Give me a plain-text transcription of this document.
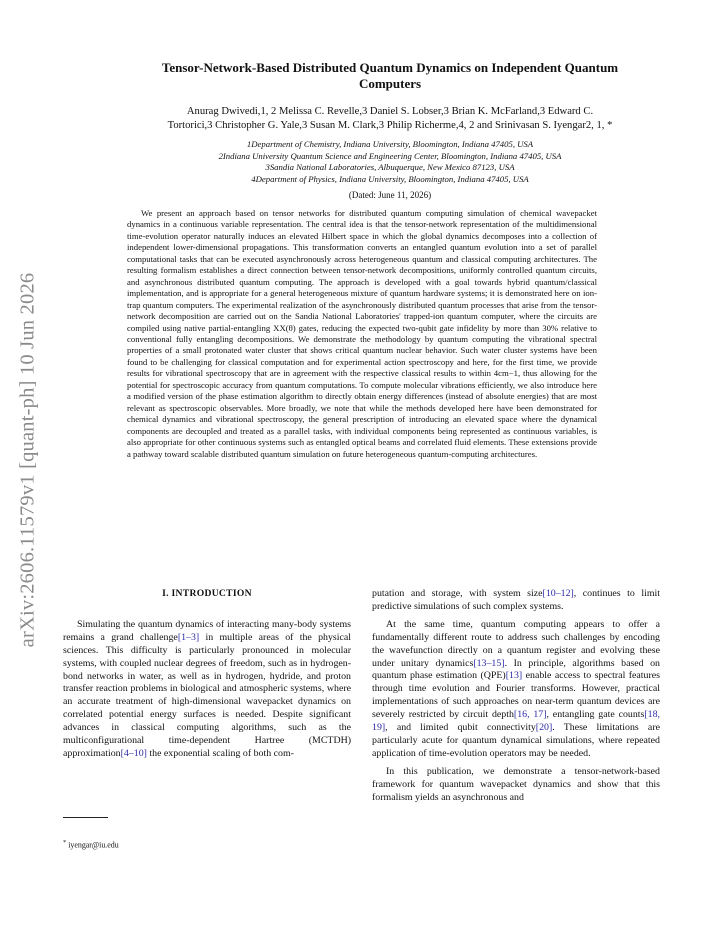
arXiv:2606.11579v1 [quant-ph] 10 Jun 2026
Tensor-Network-Based Distributed Quantum Dynamics on Independent Quantum
Computers
Anurag Dwivedi,1, 2 Melissa C. Revelle,3 Daniel S. Lobser,3 Brian K. McFarland,3 Edward C.
Tortorici,3 Christopher G. Yale,3 Susan M. Clark,3 Philip Richerme,4, 2 and Srinivasan S. Iyengar2, 1, *
1Department of Chemistry, Indiana University, Bloomington, Indiana 47405, USA
2Indiana University Quantum Science and Engineering Center, Bloomington, Indiana 47405, USA
3Sandia National Laboratories, Albuquerque, New Mexico 87123, USA
4Department of Physics, Indiana University, Bloomington, Indiana 47405, USA
(Dated: June 11, 2026)

We present an approach based on tensor networks for distributed quantum computing simulation of chemical wavepacket dynamics in a continuous variable representation. The central idea is that the tensor-network representation of the multidimensional time-evolution operator naturally induces an elevated Hilbert space in which the global dynamics decomposes into a collection of independent lower-dimensional propagations. This transformation converts an entangled quantum evolution into a set of parallel computational tasks that can be executed asynchronously across heterogeneous quantum and classical computing architectures. The resulting formalism establishes a direct connection between tensor-network decompositions, uniformly controlled quantum circuits, and asynchronous distributed quantum computing. The approach is developed with a goal towards hybrid quantum/classical implementation, and is appropriate for a general heterogeneous mixture of quantum hardware systems; it is demonstrated here on ion-trap quantum computers. The experimental realization of the asynchronously distributed quantum processes that arise from the tensor-network decomposition are carried out on the Sandia National Laboratories' trapped-ion quantum computer, where the circuits are compiled using native partial-entangling XX(θ) gates, reducing the expected two-qubit gate infidelity by more than 30% relative to conventional fully entangling decompositions. We demonstrate the methodology by quantum computing the vibrational spectral properties of a small protonated water cluster that shows critical quantum nuclear behavior. Such water cluster systems have been found to be challenging for classical computation and for experimental action spectroscopy and here, for the first time, we provide results for vibrational spectroscopy that are in agreement with the respective classical results to within 4cm−1, thus allowing for the potential for spectroscopic accuracy from quantum computations. To compute molecular vibrations efficiently, we also introduce here a modified version of the phase estimation algorithm to directly obtain energy differences (instead of absolute energies) that are most relevant as spectroscopic observables. More broadly, we note that while the methods developed here have been demonstrated for chemical dynamics and vibrational spectroscopy, the general prescription of introducing an elevated space where the dynamical components are decoupled and treated as a parallel tasks, with individual components being represented as continuous variables, is also appropriate for other continuous systems such as entangled optical beams and correlated fluid elements. These extensions provide a pathway toward scalable distributed quantum simulation on future heterogeneous quantum-computing architectures.

I. INTRODUCTION

Simulating the quantum dynamics of interacting many-body systems remains a grand challenge[1–3] in multiple areas of the physical sciences. This difficulty is particularly pronounced in molecular systems, with coupled nuclear degrees of freedom, such as in hydrogen-bond networks in water, as well as in hydrogen, hydride, and proton transfer reaction problems in biological and atmospheric systems, where an accurate treatment of high-dimensional wavepacket dynamics on correlated potential energy surfaces is needed. Despite significant advances in classical computing algorithms, such as the multiconfigurational time-dependent Hartree (MCTDH) approximation[4–10] the exponential scaling of both com-

putation and storage, with system size[10–12], continues to limit predictive simulations of such complex systems.

At the same time, quantum computing appears to offer a fundamentally different route to address such challenges by encoding the wavefunction directly on a quantum register and evolving these under unitary dynamics[13–15]. In principle, algorithms based on quantum phase estimation (QPE)[13] enable access to spectral features through time evolution and Fourier transforms. However, practical implementations of such approaches on near-term quantum devices are severely restricted by circuit depth[16, 17], entangling gate counts[18, 19], and limited qubit connectivity[20]. These limitations are particularly acute for quantum dynamical simulations, where repeated application of time-evolution operators may be needed.

In this publication, we demonstrate a tensor-network-based framework for quantum wavepacket dynamics and show that this formalism yields an asynchronous and

* iyengar@iu.edu
